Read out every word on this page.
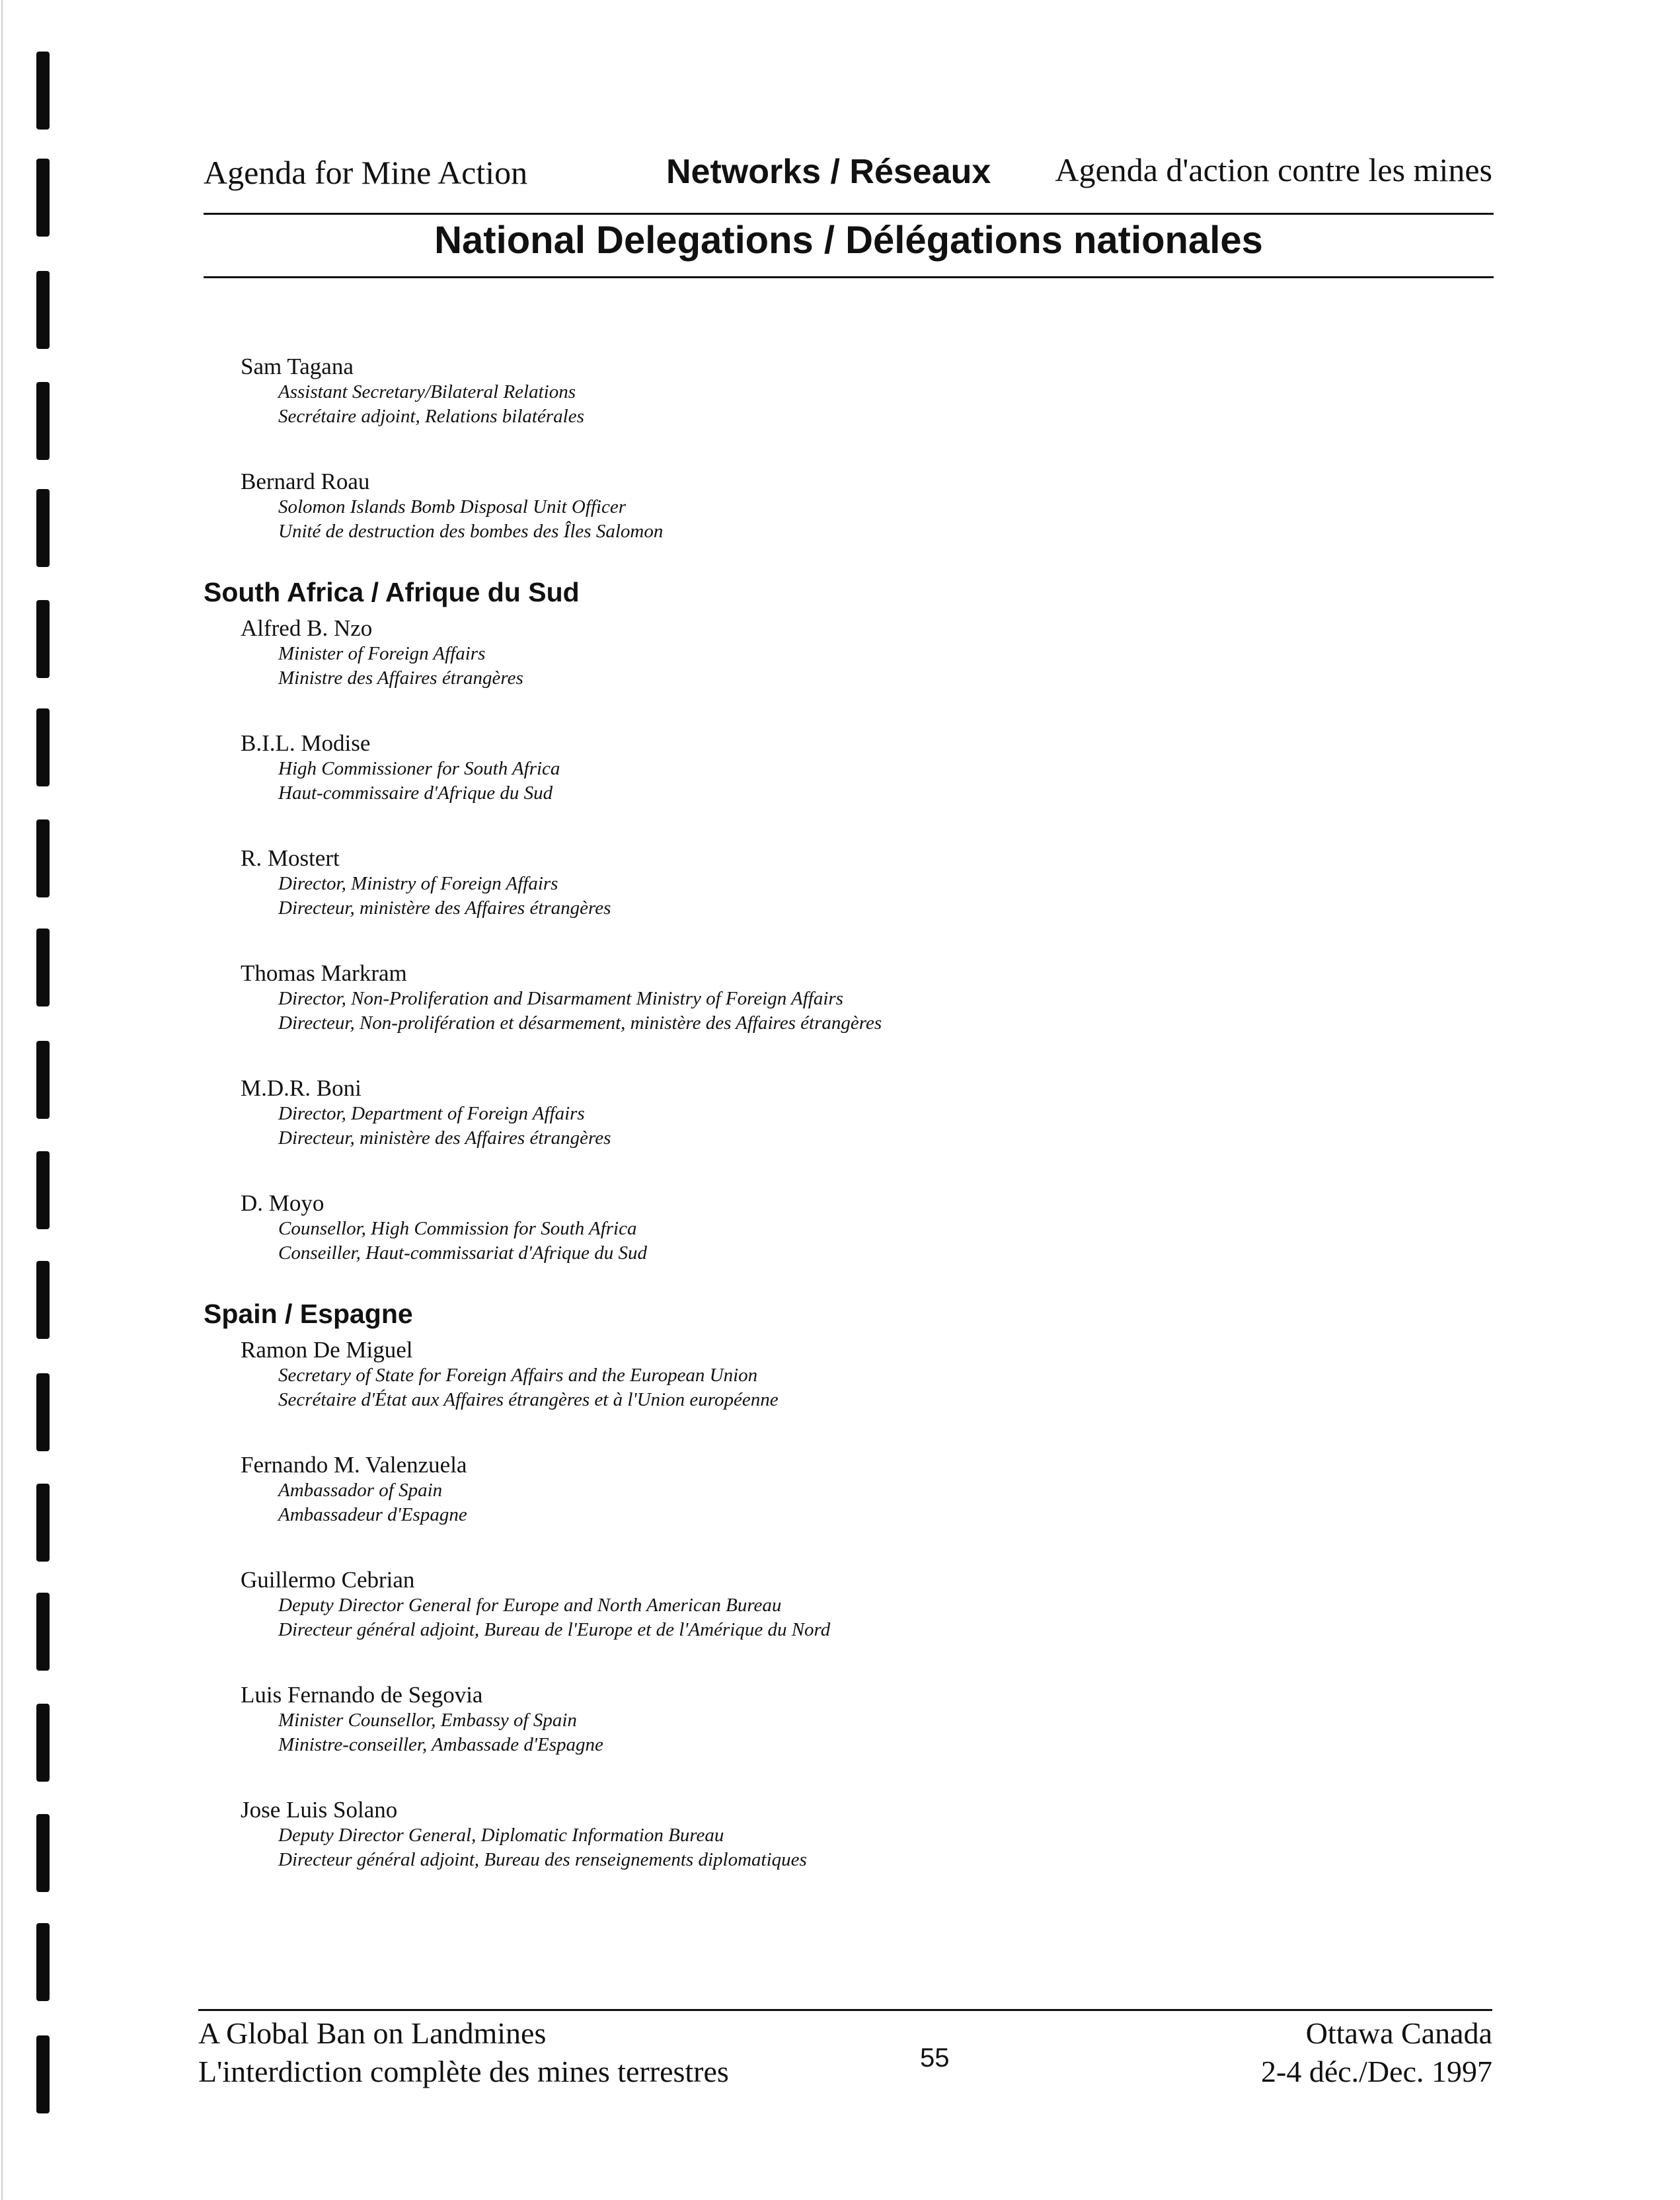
Agenda for Mine Action	Networks / Réseaux Agenda d'action contre les mines
National Delegations / Délégations nationales
Sam Tagana
Assistant Secretary/Bilateral Relations
Secrétaire adjoint, Relations bilatérales
Bernard Roau
Solomon Islands Bomb Disposal Unit Officer
Unité de destruction des bombes des Îles Salomon
South Africa / Afrique du Sud
Alfred B. Nzo
Minister of Foreign Affairs
Ministre des Affaires étrangères
B.I.L. Modise
High Commissioner for South Africa
Haut-commissaire d'Afrique du Sud
R. Mostert
Director, Ministry of Foreign Affairs
Directeur, ministère des Affaires étrangères
Thomas Markram
Director, Non-Proliferation and Disarmament Ministry of Foreign Affairs
Directeur, Non-prolifération et désarmement, ministère des Affaires étrangères
M.D.R. Boni
Director, Department of Foreign Affairs
Directeur, ministère des Affaires étrangères
D. Moyo
Counsellor, High Commission for South Africa
Conseiller, Haut-commissariat d'Afrique du Sud
Spain / Espagne
Ramon De Miguel
Secretary of State for Foreign Affairs and the European Union
Secrétaire d'État aux Affaires étrangères et à l'Union européenne
Fernando M. Valenzuela
Ambassador of Spain
Ambassadeur d'Espagne
Guillermo Cebrian
Deputy Director General for Europe and North American Bureau
Directeur général adjoint, Bureau de l'Europe et de l'Amérique du Nord
Luis Fernando de Segovia
Minister Counsellor, Embassy of Spain
Ministre-conseiller, Ambassade d'Espagne
Jose Luis Solano
Deputy Director General, Diplomatic Information Bureau
Directeur général adjoint, Bureau des renseignements diplomatiques
A Global Ban on Landmines
L'interdiction complète des mines terrestres	55
Ottawa Canada
2-4 déc./Dec. 1997
